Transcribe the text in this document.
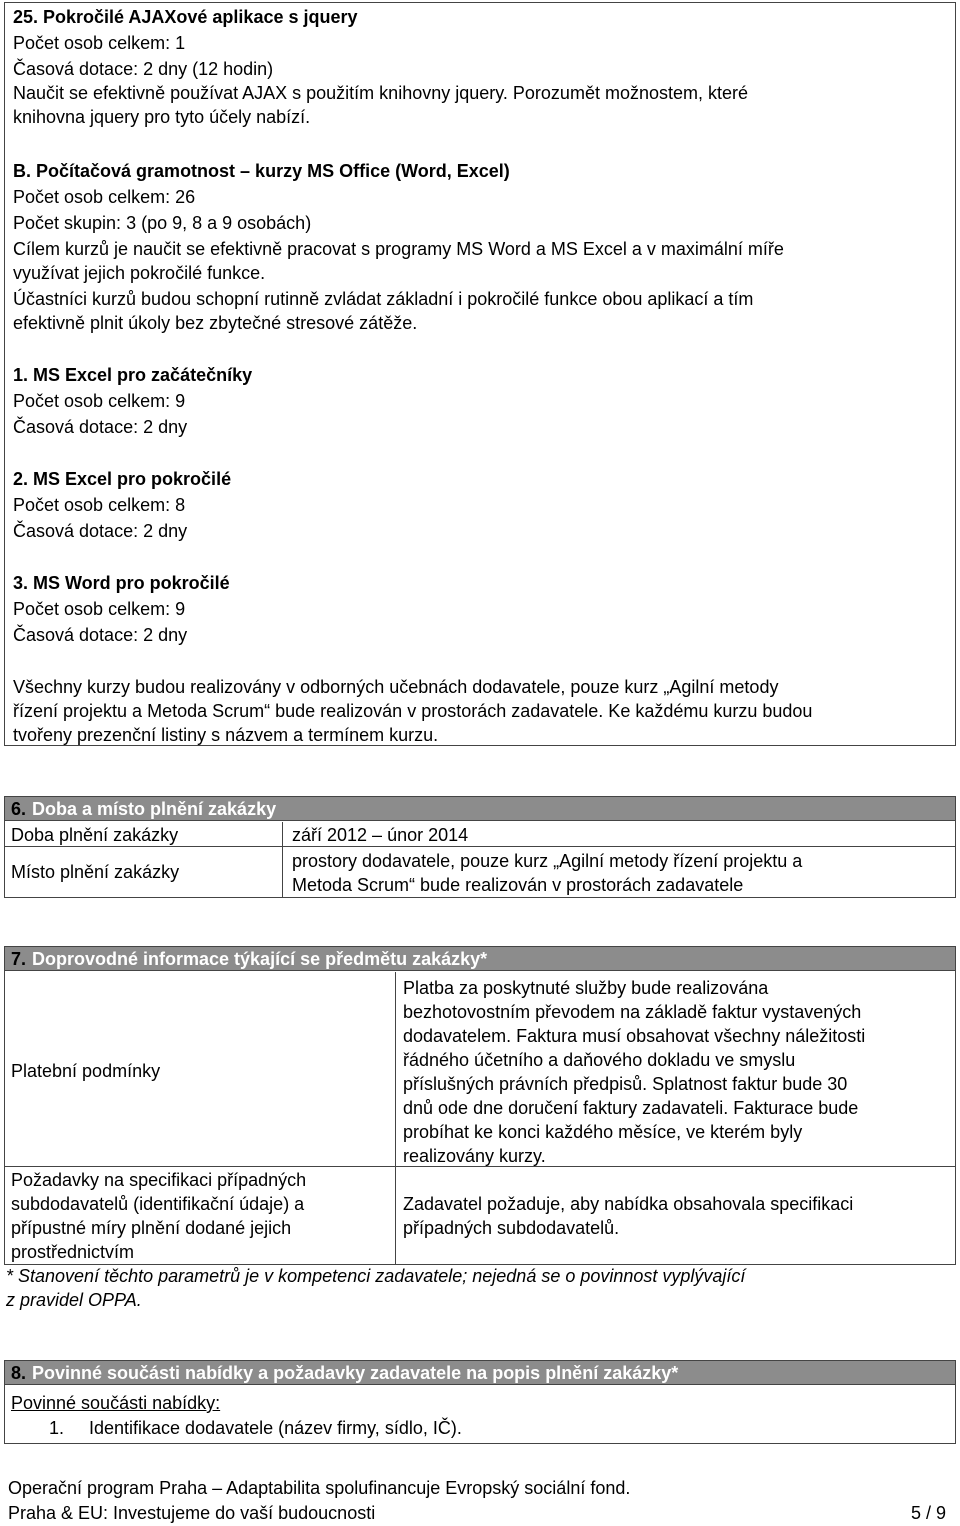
25. Pokročilé AJAXové aplikace s jquery
Počet osob celkem: 1
Časová dotace: 2 dny (12 hodin)
Naučit se efektivně používat AJAX s použitím knihovny jquery. Porozumět možnostem, které
knihovna jquery pro tyto účely nabízí.
B. Počítačová gramotnost – kurzy MS Office (Word, Excel)
Počet osob celkem: 26
Počet skupin: 3 (po 9, 8 a 9 osobách)
Cílem kurzů je naučit se efektivně pracovat s programy MS Word a MS Excel a v maximální míře
využívat jejich pokročilé funkce.
Účastníci kurzů budou schopní rutinně zvládat základní i pokročilé funkce obou aplikací a tím
efektivně plnit úkoly bez zbytečné stresové zátěže.
1. MS Excel pro začátečníky
Počet osob celkem: 9
Časová dotace: 2 dny
2. MS Excel pro pokročilé
Počet osob celkem: 8
Časová dotace: 2 dny
3. MS Word pro pokročilé
Počet osob celkem: 9
Časová dotace: 2 dny
Všechny kurzy budou realizovány v odborných učebnách dodavatele, pouze kurz „Agilní metody
řízení projektu a Metoda Scrum“ bude realizován v prostorách zadavatele. Ke každému kurzu budou
tvořeny prezenční listiny s názvem a termínem kurzu.
6. Doba a místo plnění zakázky
Doba plnění zakázky	září 2012 – únor 2014
Místo plnění zakázky
prostory dodavatele, pouze kurz „Agilní metody řízení projektu a
Metoda Scrum“ bude realizován v prostorách zadavatele
7. Doprovodné informace týkající se předmětu zakázky*
Platební podmínky
Platba za poskytnuté služby bude realizována
bezhotovostním převodem na základě faktur vystavených
dodavatelem. Faktura musí obsahovat všechny náležitosti
řádného účetního a daňového dokladu ve smyslu
příslušných právních předpisů. Splatnost faktur bude 30
dnů ode dne doručení faktury zadavateli. Fakturace bude
probíhat ke konci každého měsíce, ve kterém byly
realizovány kurzy.
Požadavky na specifikaci případných
subdodavatelů (identifikační údaje) a
přípustné míry plnění dodané jejich
prostřednictvím
Zadavatel požaduje, aby nabídka obsahovala specifikaci
případných subdodavatelů.
* Stanovení těchto parametrů je v kompetenci zadavatele; nejedná se o povinnost vyplývající
z pravidel OPPA.
8. Povinné součásti nabídky a požadavky zadavatele na popis plnění zakázky*
Povinné součásti nabídky:
1. Identifikace dodavatele (název firmy, sídlo, IČ).
Operační program Praha – Adaptabilita spolufinancuje Evropský sociální fond.
Praha & EU: Investujeme do vaší budoucnosti	5 / 9
